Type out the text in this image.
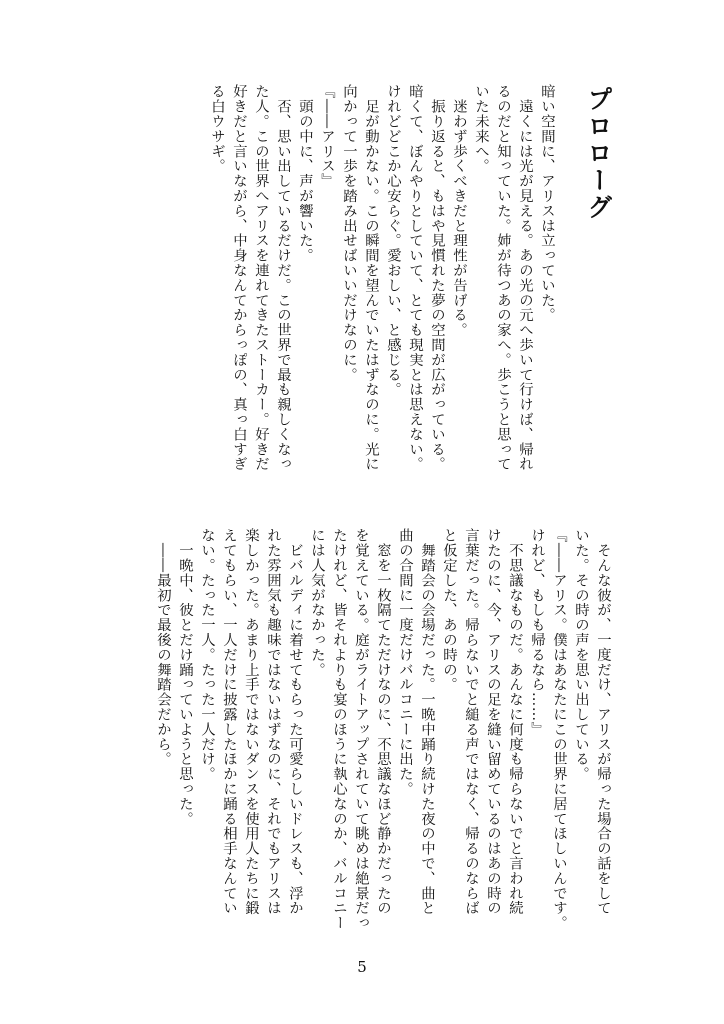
プロローグ
暗い空間に、アリスは立っていた。
　遠くには光が見える。あの光の元へ歩いて行けば、帰れ
るのだと知っていた。姉が待つあの家へ。歩こうと思って
いた未来へ。
　迷わず歩くべきだと理性が告げる。
　振り返ると、もはや見慣れた夢の空間が広がっている。
暗くて、ぼんやりとしていて、とても現実とは思えない。
けれどどこか心安らぐ。愛おしい、と感じる。
　足が動かない。この瞬間を望んでいたはずなのに。光に
向かって一歩を踏み出せばいいだけなのに。
『――アリス』
　頭の中に、声が響いた。
　否、思い出しているだけだ。この世界で最も親しくなっ
た人。この世界へアリスを連れてきたストーカー。好きだ
好きだと言いながら、中身なんてからっぽの、真っ白すぎ
る白ウサギ。
　そんな彼が、一度だけ、アリスが帰った場合の話をして
いた。その時の声を思い出している。
『――アリス。僕はあなたにこの世界に居てほしいんです。
けれど、もしも帰るなら……』
　不思議なものだ。あんなに何度も帰らないでと言われ続
けたのに、今、アリスの足を縫い留めているのはあの時の
言葉だった。帰らないでと縋る声ではなく、帰るのならば
と仮定した、あの時の。
　舞踏会の会場だった。一晩中踊り続けた夜の中で、曲と
曲の合間に一度だけバルコニーに出た。
　窓を一枚隔てただけなのに、不思議なほど静かだったの
を覚えている。庭がライトアップされていて眺めは絶景だっ
たけれど、皆それよりも宴のほうに執心なのか、バルコニー
には人気がなかった。
　ビバルディに着せてもらった可愛らしいドレスも、浮か
れた雰囲気も趣味ではないはずなのに、それでもアリスは
楽しかった。あまり上手ではないダンスを使用人たちに鍛
えてもらい、一人だけに披露したほかに踊る相手なんてい
ない。たった一人。たった一人だけ。
　一晩中、彼とだけ踊っていようと思った。
　――最初で最後の舞踏会だから。

5
